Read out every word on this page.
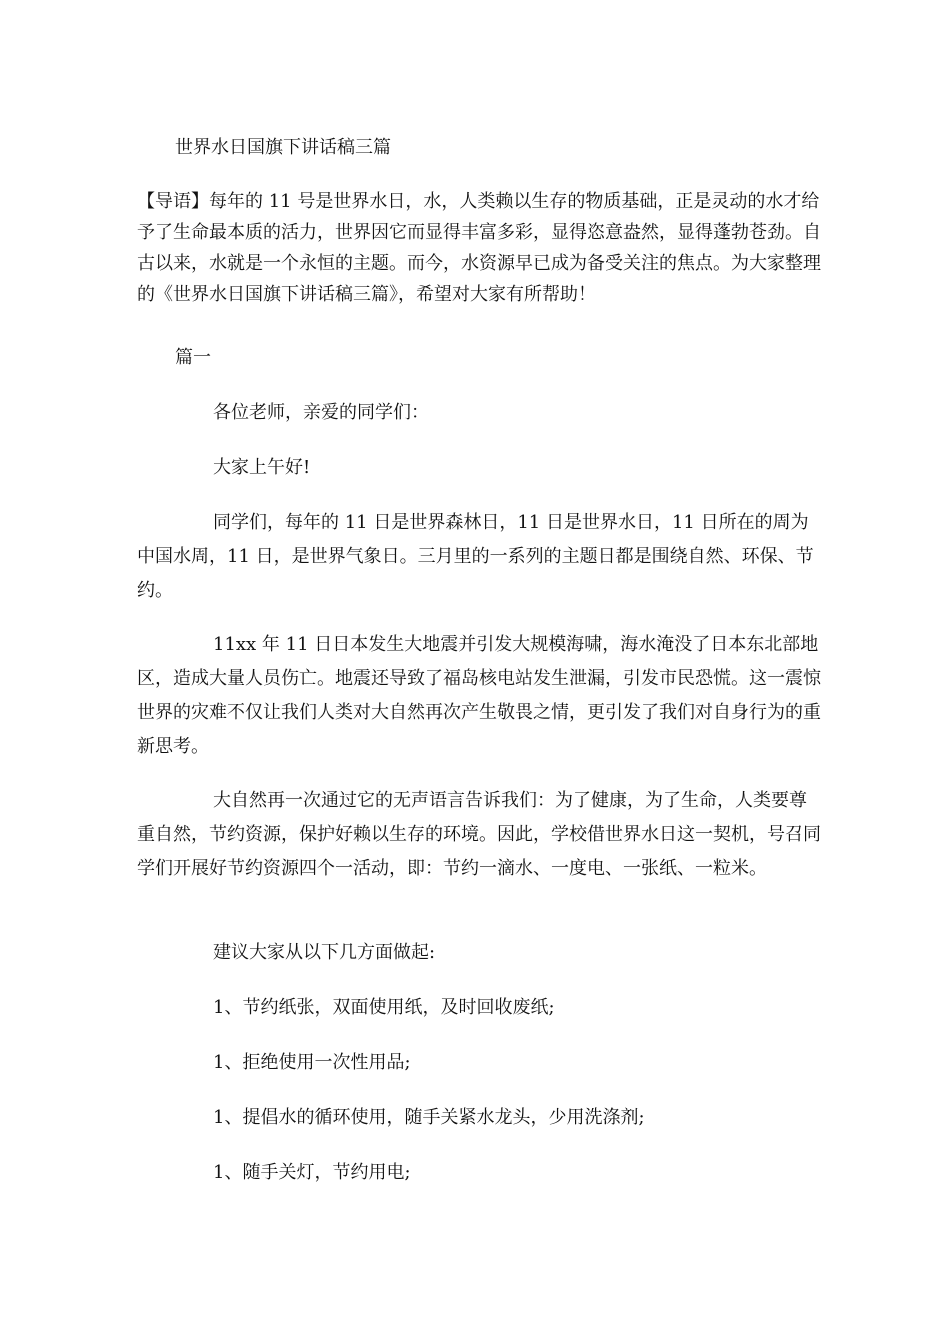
世界水日国旗下讲话稿三篇
【导语】每年的 11 号是世界水日，水，人类赖以生存的物质基础，正是灵动的水才给予了生命最本质的活力，世界因它而显得丰富多彩，显得恣意盎然，显得蓬勃苍劲。自古以来，水就是一个永恒的主题。而今，水资源早已成为备受关注的焦点。为大家整理的《世界水日国旗下讲话稿三篇》，希望对大家有所帮助！
篇一
各位老师，亲爱的同学们：
大家上午好!
同学们，每年的 11 日是世界森林日，11 日是世界水日，11 日所在的周为中国水周，11 日，是世界气象日。三月里的一系列的主题日都是围绕自然、环保、节约。
11xx 年 11 日日本发生大地震并引发大规模海啸，海水淹没了日本东北部地区，造成大量人员伤亡。地震还导致了福岛核电站发生泄漏，引发市民恐慌。这一震惊世界的灾难不仅让我们人类对大自然再次产生敬畏之情，更引发了我们对自身行为的重新思考。
大自然再一次通过它的无声语言告诉我们：为了健康，为了生命，人类要尊重自然，节约资源，保护好赖以生存的环境。因此，学校借世界水日这一契机，号召同学们开展好节约资源四个一活动，即：节约一滴水、一度电、一张纸、一粒米。
建议大家从以下几方面做起:
1、节约纸张，双面使用纸，及时回收废纸;
1、拒绝使用一次性用品;
1、提倡水的循环使用，随手关紧水龙头，少用洗涤剂;
1、随手关灯，节约用电;
